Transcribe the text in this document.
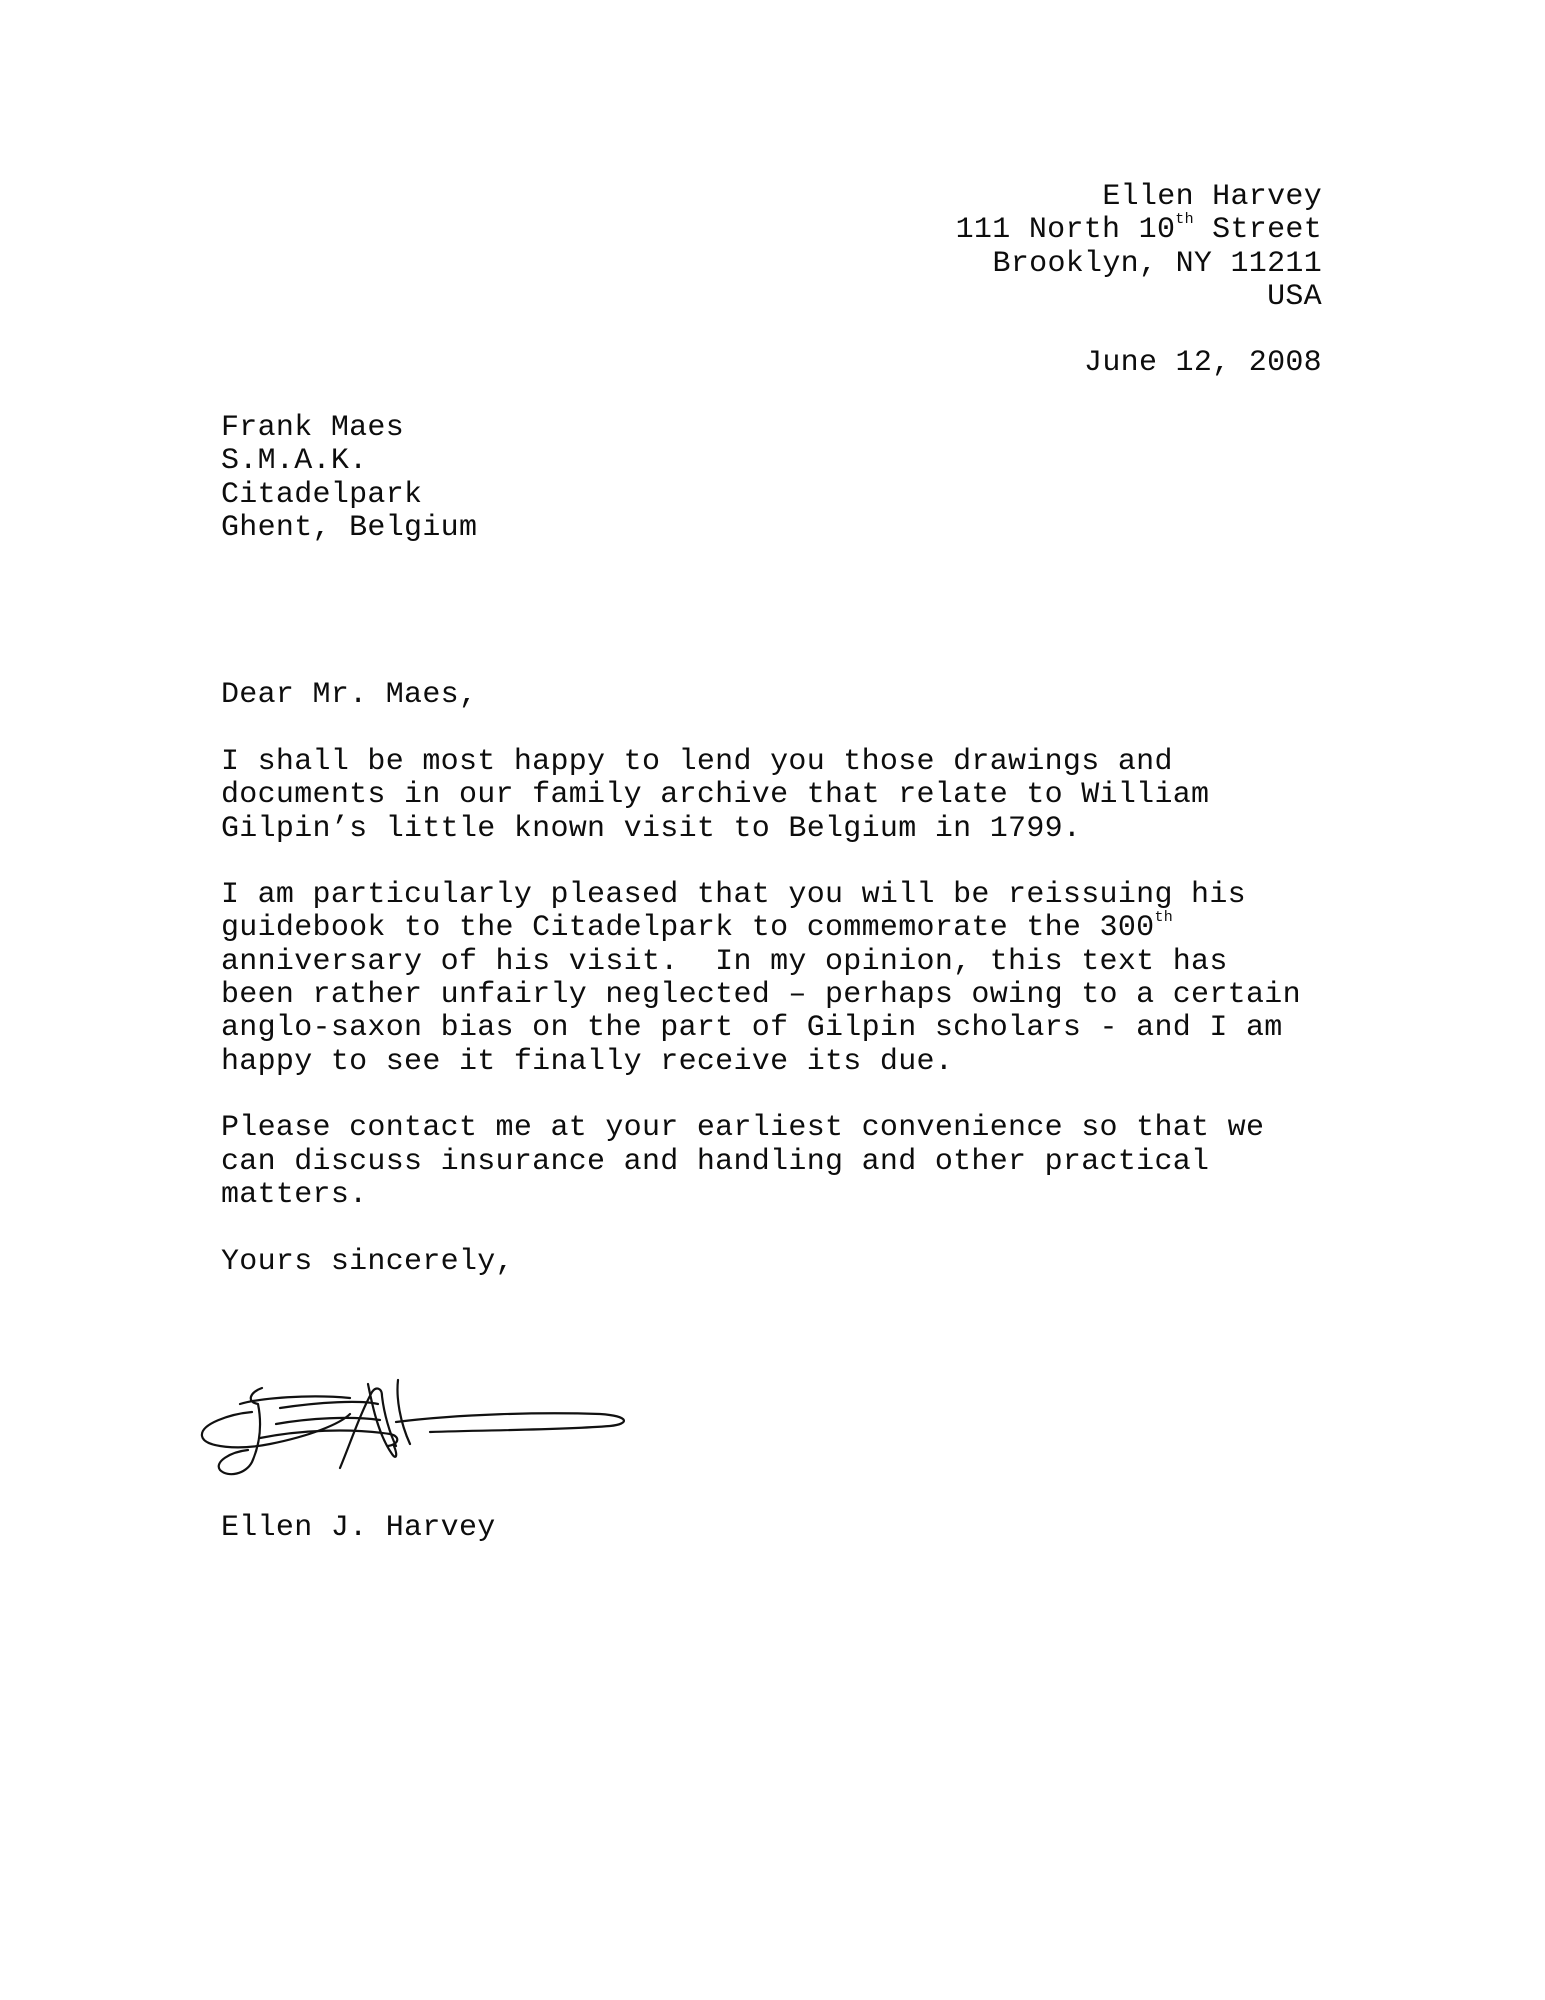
Ellen Harvey
111 North 10th Street
Brooklyn, NY 11211
USA
June 12, 2008
Frank Maes
S.M.A.K.
Citadelpark
Ghent, Belgium
Dear Mr. Maes,
I shall be most happy to lend you those drawings and
documents in our family archive that relate to William
Gilpin’s little known visit to Belgium in 1799.
I am particularly pleased that you will be reissuing his
guidebook to the Citadelpark to commemorate the 300th
anniversary of his visit.  In my opinion, this text has
been rather unfairly neglected – perhaps owing to a certain
anglo-saxon bias on the part of Gilpin scholars - and I am
happy to see it finally receive its due.
Please contact me at your earliest convenience so that we
can discuss insurance and handling and other practical
matters.
Yours sincerely,
Ellen J. Harvey
